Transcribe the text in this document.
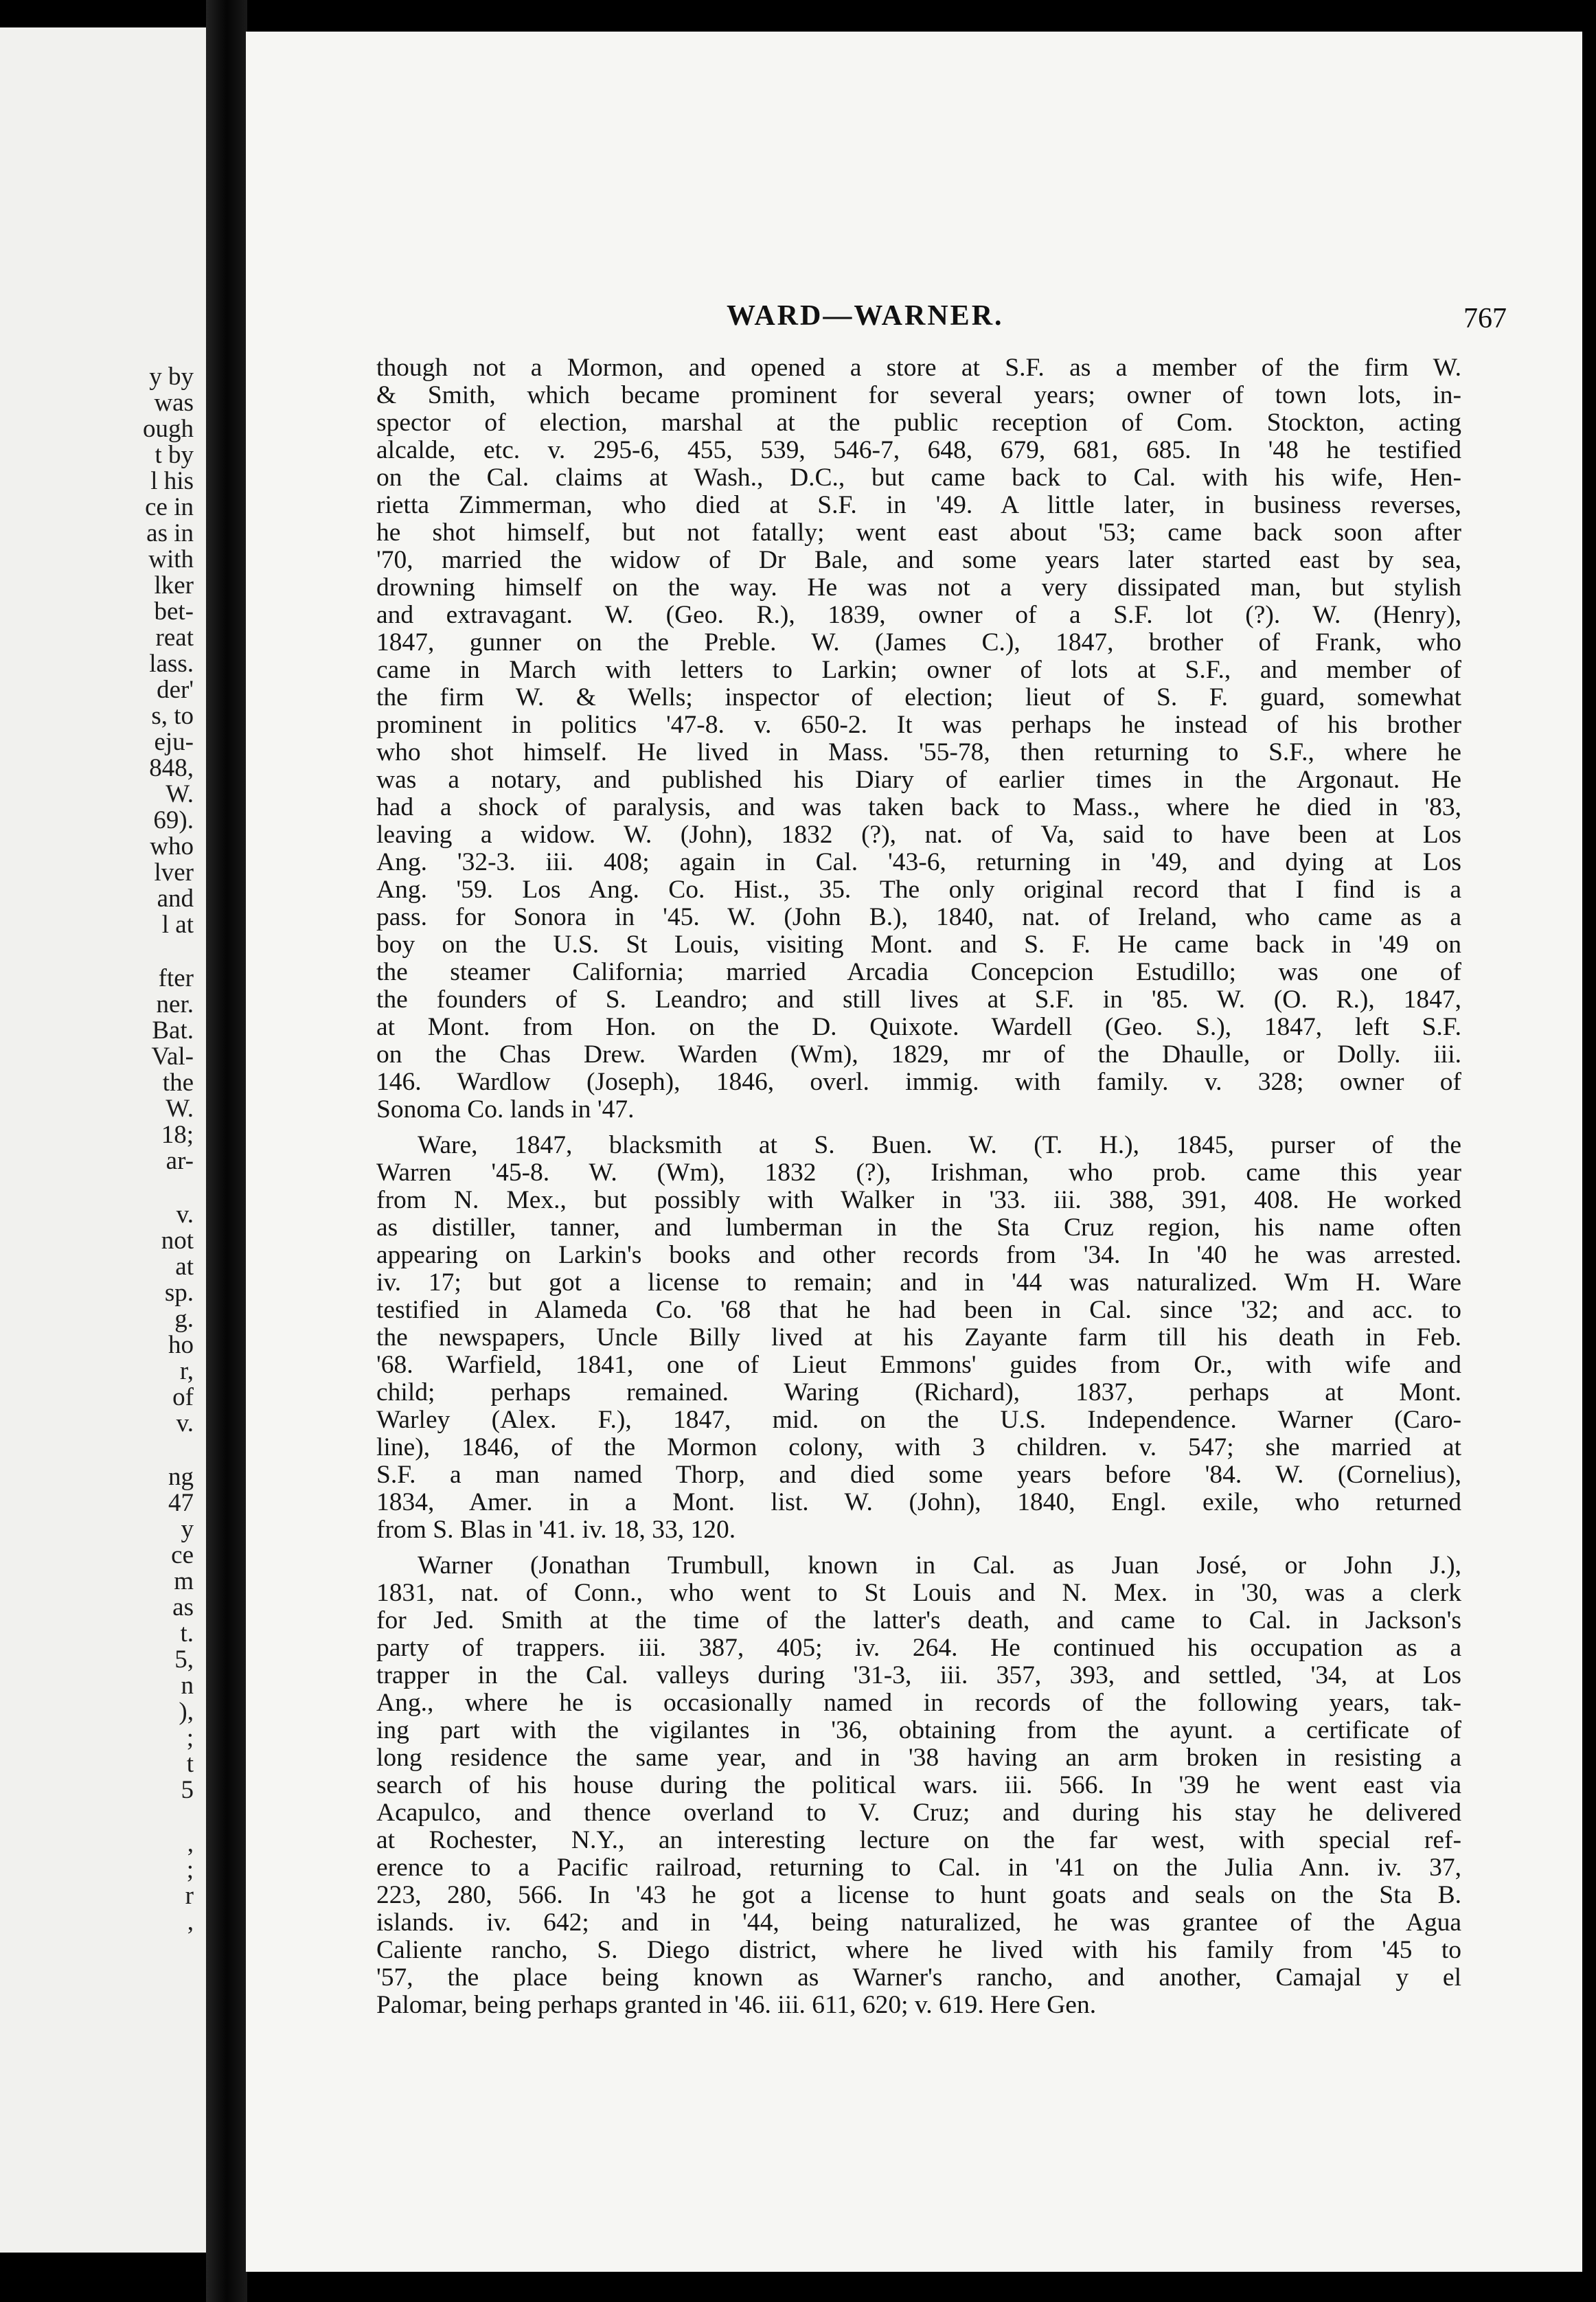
y by
was
ough
t by
l his
ce in
as in
with
lker
bet-
reat
lass.
der'
s, to
eju-
848,
W.
69).
who
lver
and
l at
fter
ner.
Bat.
Val-
the
W.
18;
ar-
v.
not
at
sp.
g.
ho
r,
of
v.
ng
47
y
ce
m
as
t.
5,
n
),
;
t
5
,
;
r
,
WARD—WARNER.	767
though not a Mormon, and opened a store at S.F. as a member of the firm W.
& Smith, which became prominent for several years; owner of town lots, in-
spector of election, marshal at the public reception of Com. Stockton, acting
alcalde, etc. v. 295-6, 455, 539, 546-7, 648, 679, 681, 685. In '48 he testified
on the Cal. claims at Wash., D.C., but came back to Cal. with his wife, Hen-
rietta Zimmerman, who died at S.F. in '49. A little later, in business reverses,
he shot himself, but not fatally; went east about '53; came back soon after
'70, married the widow of Dr Bale, and some years later started east by sea,
drowning himself on the way. He was not a very dissipated man, but stylish
and extravagant. W. (Geo. R.), 1839, owner of a S.F. lot (?). W. (Henry),
1847, gunner on the Preble. W. (James C.), 1847, brother of Frank, who
came in March with letters to Larkin; owner of lots at S.F., and member of
the firm W. & Wells; inspector of election; lieut of S. F. guard, somewhat
prominent in politics '47-8. v. 650-2. It was perhaps he instead of his brother
who shot himself. He lived in Mass. '55-78, then returning to S.F., where he
was a notary, and published his Diary of earlier times in the Argonaut. He
had a shock of paralysis, and was taken back to Mass., where he died in '83,
leaving a widow. W. (John), 1832 (?), nat. of Va, said to have been at Los
Ang. '32-3. iii. 408; again in Cal. '43-6, returning in '49, and dying at Los
Ang. '59. Los Ang. Co. Hist., 35. The only original record that I find is a
pass. for Sonora in '45. W. (John B.), 1840, nat. of Ireland, who came as a
boy on the U.S. St Louis, visiting Mont. and S. F. He came back in '49 on
the steamer California; married Arcadia Concepcion Estudillo; was one of
the founders of S. Leandro; and still lives at S.F. in '85. W. (O. R.), 1847,
at Mont. from Hon. on the D. Quixote. Wardell (Geo. S.), 1847, left S.F.
on the Chas Drew. Warden (Wm), 1829, mr of the Dhaulle, or Dolly. iii.
146. Wardlow (Joseph), 1846, overl. immig. with family. v. 328; owner of
Sonoma Co. lands in '47.
Ware, 1847, blacksmith at S. Buen. W. (T. H.), 1845, purser of the
Warren '45-8. W. (Wm), 1832 (?), Irishman, who prob. came this year
from N. Mex., but possibly with Walker in '33. iii. 388, 391, 408. He worked
as distiller, tanner, and lumberman in the Sta Cruz region, his name often
appearing on Larkin's books and other records from '34. In '40 he was arrested.
iv. 17; but got a license to remain; and in '44 was naturalized. Wm H. Ware
testified in Alameda Co. '68 that he had been in Cal. since '32; and acc. to
the newspapers, Uncle Billy lived at his Zayante farm till his death in Feb.
'68. Warfield, 1841, one of Lieut Emmons' guides from Or., with wife and
child; perhaps remained. Waring (Richard), 1837, perhaps at Mont.
Warley (Alex. F.), 1847, mid. on the U.S. Independence. Warner (Caro-
line), 1846, of the Mormon colony, with 3 children. v. 547; she married at
S.F. a man named Thorp, and died some years before '84. W. (Cornelius),
1834, Amer. in a Mont. list. W. (John), 1840, Engl. exile, who returned
from S. Blas in '41. iv. 18, 33, 120.
Warner (Jonathan Trumbull, known in Cal. as Juan José, or John J.),
1831, nat. of Conn., who went to St Louis and N. Mex. in '30, was a clerk
for Jed. Smith at the time of the latter's death, and came to Cal. in Jackson's
party of trappers. iii. 387, 405; iv. 264. He continued his occupation as a
trapper in the Cal. valleys during '31-3, iii. 357, 393, and settled, '34, at Los
Ang., where he is occasionally named in records of the following years, tak-
ing part with the vigilantes in '36, obtaining from the ayunt. a certificate of
long residence the same year, and in '38 having an arm broken in resisting a
search of his house during the political wars. iii. 566. In '39 he went east via
Acapulco, and thence overland to V. Cruz; and during his stay he delivered
at Rochester, N.Y., an interesting lecture on the far west, with special ref-
erence to a Pacific railroad, returning to Cal. in '41 on the Julia Ann. iv. 37,
223, 280, 566. In '43 he got a license to hunt goats and seals on the Sta B.
islands. iv. 642; and in '44, being naturalized, he was grantee of the Agua
Caliente rancho, S. Diego district, where he lived with his family from '45 to
'57, the place being known as Warner's rancho, and another, Camajal y el
Palomar, being perhaps granted in '46. iii. 611, 620; v. 619. Here Gen.
